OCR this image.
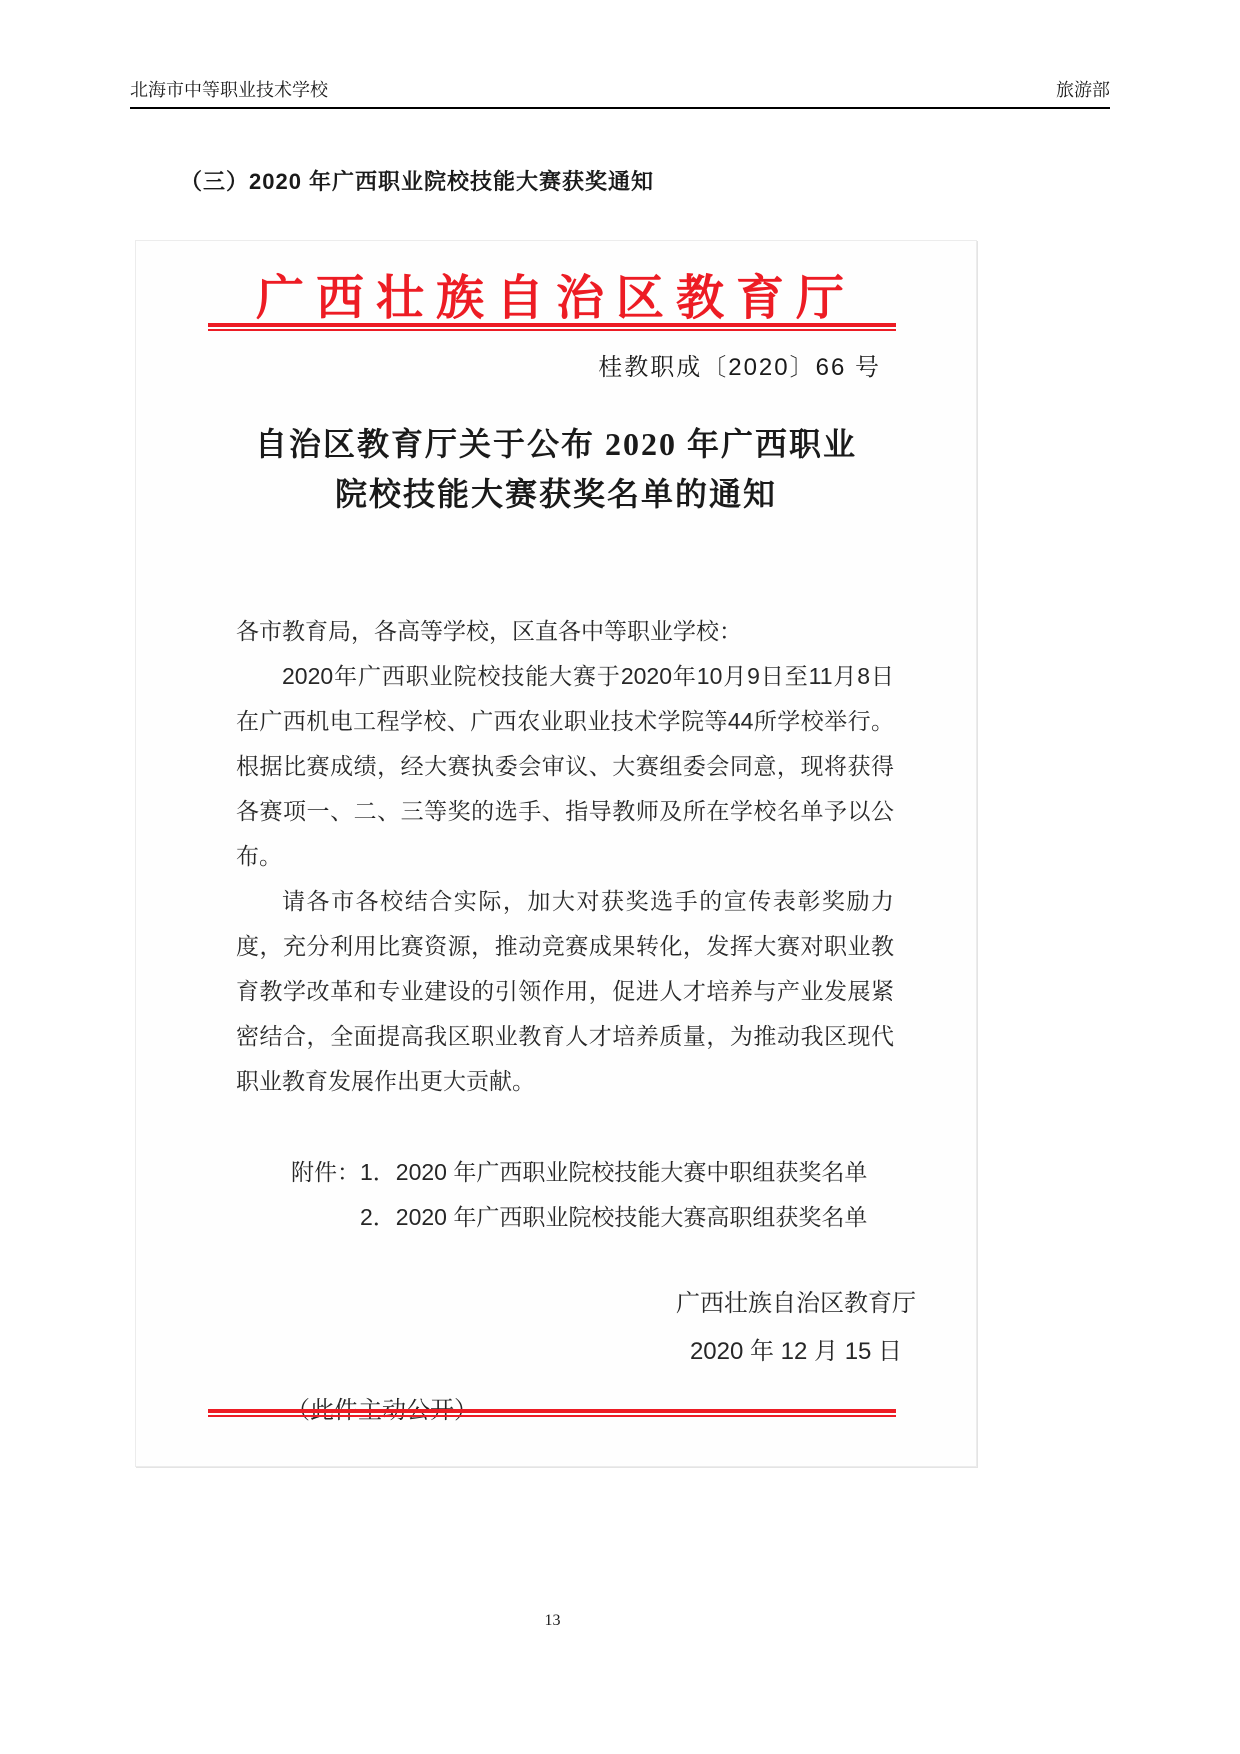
北海市中等职业技术学校	旅游部
（三）2020 年广西职业院校技能大赛获奖通知
广西壮族自治区教育厅
桂教职成〔2020〕66 号
自治区教育厅关于公布 2020 年广西职业
院校技能大赛获奖名单的通知

各市教育局，各高等学校，区直各中等职业学校：

2020年广西职业院校技能大赛于2020年10月9日至11月8日在广西机电工程学校、广西农业职业技术学院等44所学校举行。根据比赛成绩，经大赛执委会审议、大赛组委会同意，现将获得各赛项一、二、三等奖的选手、指导教师及所在学校名单予以公布。

请各市各校结合实际，加大对获奖选手的宣传表彰奖励力度，充分利用比赛资源，推动竞赛成果转化，发挥大赛对职业教育教学改革和专业建设的引领作用，促进人才培养与产业发展紧密结合，全面提高我区职业教育人才培养质量，为推动我区现代职业教育发展作出更大贡献。

附件： 1．2020 年广西职业院校技能大赛中职组获奖名单

2．2020 年广西职业院校技能大赛高职组获奖名单

广西壮族自治区教育厅
2020 年 12 月 15 日
（此件主动公开）
13
